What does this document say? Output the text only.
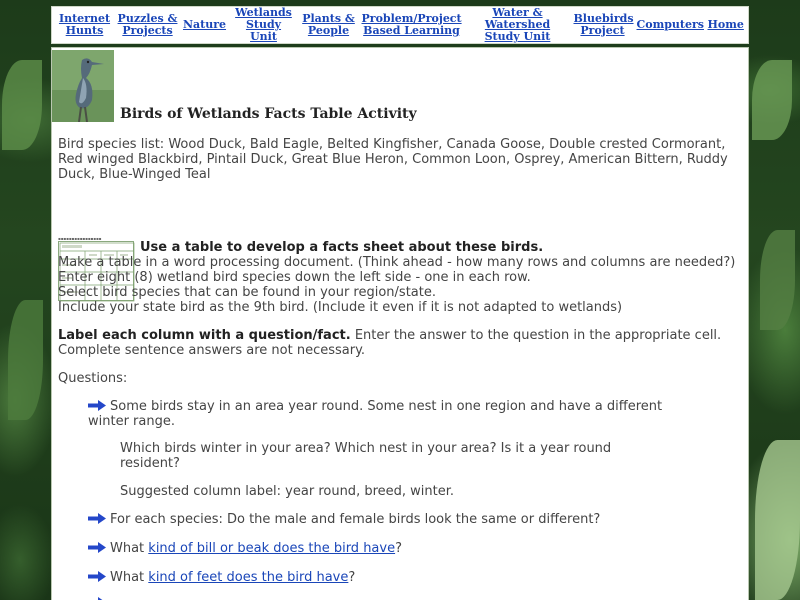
Internet Hunts
Puzzles & Projects Nature
Wetlands Study Unit
Plants & People
Problem/Project Based Learning
Water & Watershed Study Unit
Bluebirds Project	Computers Home
Birds of Wetlands Facts Table Activity

Bird species list: Wood Duck, Bald Eagle, Belted Kingfisher, Canada Goose, Double crested Cormorant, Red winged Blackbird, Pintail Duck, Great Blue Heron, Common Loon, Osprey, American Bittern, Ruddy Duck, Blue-Winged Teal

▪▪▪▪▪▪▪▪▪▪▪▪▪▪▪▪
Use a table to develop a facts sheet about these birds.
Make a table in a word processing document. (Think ahead - how many rows and columns are needed?)
Enter eight (8) wetland bird species down the left side - one in each row.
Select bird species that can be found in your region/state.
Include your state bird as the 9th bird. (Include it even if it is not adapted to wetlands)
Label each column with a question/fact. Enter the answer to the question in the appropriate cell. Complete sentence answers are not necessary.
Questions:
Some birds stay in an area year round. Some nest in one region and have a different winter range.
Which birds winter in your area? Which nest in your area? Is it a year round resident?
Suggested column label: year round, breed, winter.
For each species: Do the male and female birds look the same or different?
What kind of bill or beak does the bird have?
What kind of feet does the bird have?
